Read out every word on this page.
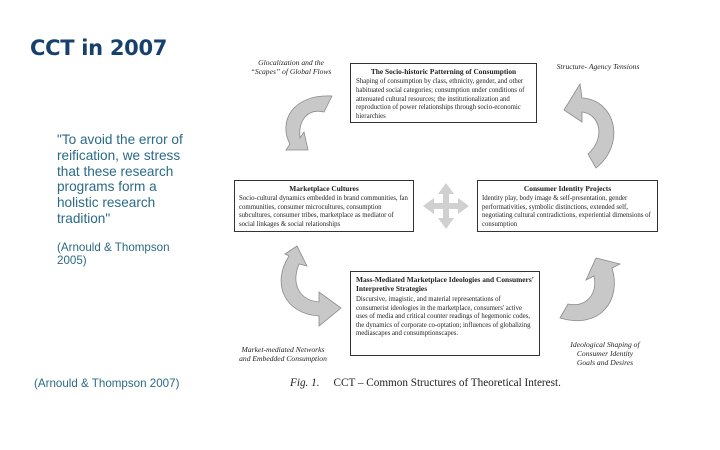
CCT in 2007
"To avoid the error of reification, we stress that these research programs form a holistic research tradition"
(Arnould & Thompson
2005)
(Arnould & Thompson 2007)
Glocalization and the
“Scapes” of Global Flows
Structure- Agency Tensions
Market-mediated Networks
and Embedded Consumption
Ideological Shaping of
Consumer Identity
Goals and Desires
The Socio-historic Patterning of Consumption
Shaping of consumption by class, ethnicity, gender, and other habituated social categories; consumption under conditions of attenuated cultural resources; the institutionalization and reproduction of power relationships through socio-economic hierarchies
Marketplace Cultures
Socio-cultural dynamics embedded in brand communities, fan communities, consumer microcultures, consumption subcultures, consumer tribes, marketplace as mediator of social linkages & social relationships
Consumer Identity Projects
Identity play, body image & self-presentation, gender performativities, symbolic distinctions, extended self, negotiating cultural contradictions, experiential dimensions of consumption
Mass-Mediated Marketplace Ideologies and Consumers' Interpretive Strategies
Discursive, imagistic, and material representations of consumerist ideologies in the marketplace, consumers' active uses of media and critical counter readings of hegemonic codes, the dynamics of corporate co-optation; influences of globalizing mediascapes and consumptionscapes.
Fig. 1. CCT – Common Structures of Theoretical Interest.
